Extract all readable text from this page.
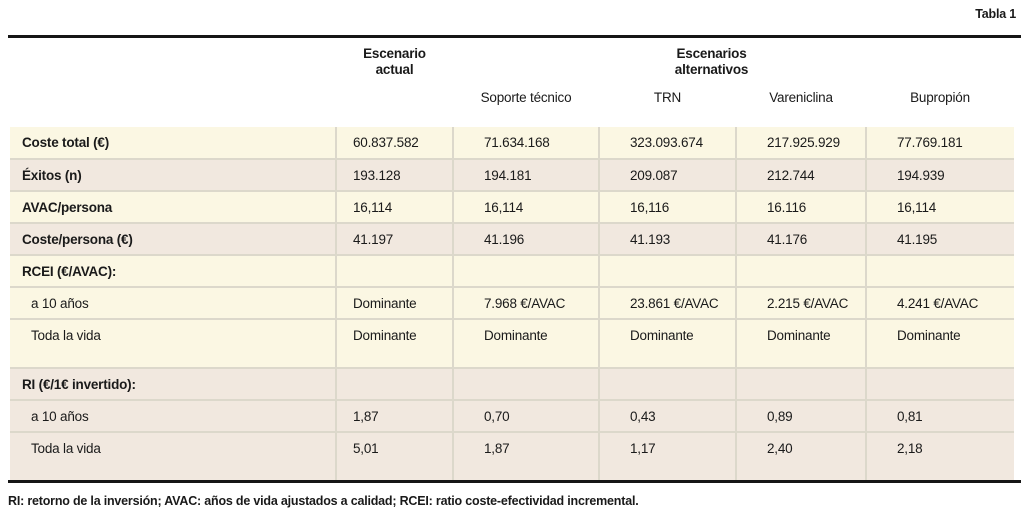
Tabla 1
Escenario actual
Escenarios alternativos
Soporte técnico	TRN	Vareniclina	Bupropión
Coste total (€)	60.837.582	71.634.168	323.093.674	217.925.929	77.769.181
Éxitos (n)	193.128	194.181	209.087	212.744	194.939
AVAC/persona	16,114	16,114	16,116	16.116	16,114
Coste/persona (€)	41.197	41.196	41.193	41.176	41.195
RCEI (€/AVAC):					
a 10 años	Dominante	7.968 €/AVAC	23.861 €/AVAC	2.215 €/AVAC	4.241 €/AVAC
Toda la vida	Dominante	Dominante	Dominante	Dominante	Dominante
RI (€/1€ invertido):					
a 10 años	1,87	0,70	0,43	0,89	0,81
Toda la vida	5,01	1,87	1,17	2,40	2,18
RI: retorno de la inversión; AVAC: años de vida ajustados a calidad; RCEI: ratio coste-efectividad incremental.
